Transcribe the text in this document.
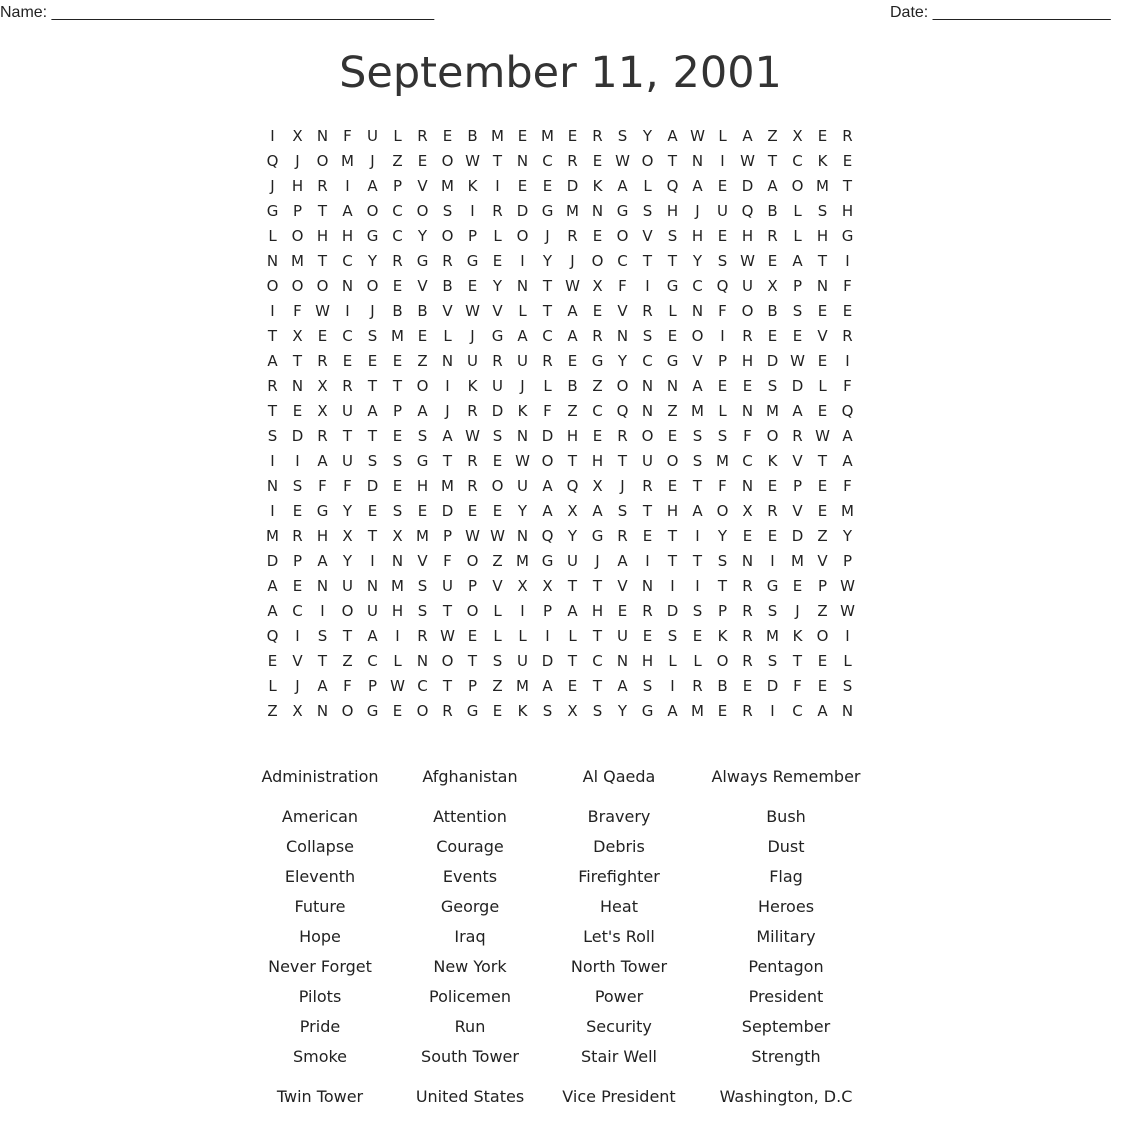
Name: ___________________________________________	Date: ____________________
September 11, 2001
I X N F U L R E B M E M E R S Y A W L A Z X E R
Q J O M J Z E O W T N C R E W O T N I W T C K E
J H R I A P V M K I E E D K A L Q A E D A O M T
G P T A O C O S I R D G M N G S H J U Q B L S H
L O H H G C Y O P L O J R E O V S H E H R L H G
N M T C Y R G R G E I Y J O C T T Y S W E A T I
O O O N O E V B E Y N T W X F I G C Q U X P N F
I F W I J B B V W V L T A E V R L N F O B S E E
T X E C S M E L J G A C A R N S E O I R E E V R
A T R E E E Z N U R U R E G Y C G V P H D W E I
R N X R T T O I K U J L B Z O N N A E E S D L F
T E X U A P A J R D K F Z C Q N Z M L N M A E Q
S D R T T E S A W S N D H E R O E S S F O R W A
I I A U S S G T R E W O T H T U O S M C K V T A
N S F F D E H M R O U A Q X J R E T F N E P E F
I E G Y E S E D E E Y A X A S T H A O X R V E M
M R H X T X M P W W N Q Y G R E T I Y E E D Z Y
D P A Y I N V F O Z M G U J A I T T S N I M V P
A E N U N M S U P V X X T T V N I I T R G E P W
A C I O U H S T O L I P A H E R D S P R S J Z W
Q I S T A I R W E L L I L T U E S E K R M K O I
E V T Z C L N O T S U D T C N H L L O R S T E L
L J A F P W C T P Z M A E T A S I R B E D F E S
Z X N O G E O R G E K S X S Y G A M E R I C A N
Administration	Afghanistan	Al Qaeda	Always Remember
American	Attention	Bravery	Bush
Collapse	Courage	Debris	Dust
Eleventh	Events	Firefighter	Flag
Future	George	Heat	Heroes
Hope	Iraq	Let's Roll	Military
Never Forget	New York	North Tower	Pentagon
Pilots	Policemen	Power	President
Pride	Run	Security	September
Smoke	South Tower	Stair Well	Strength
Twin Tower	United States	Vice President	Washington, D.C
